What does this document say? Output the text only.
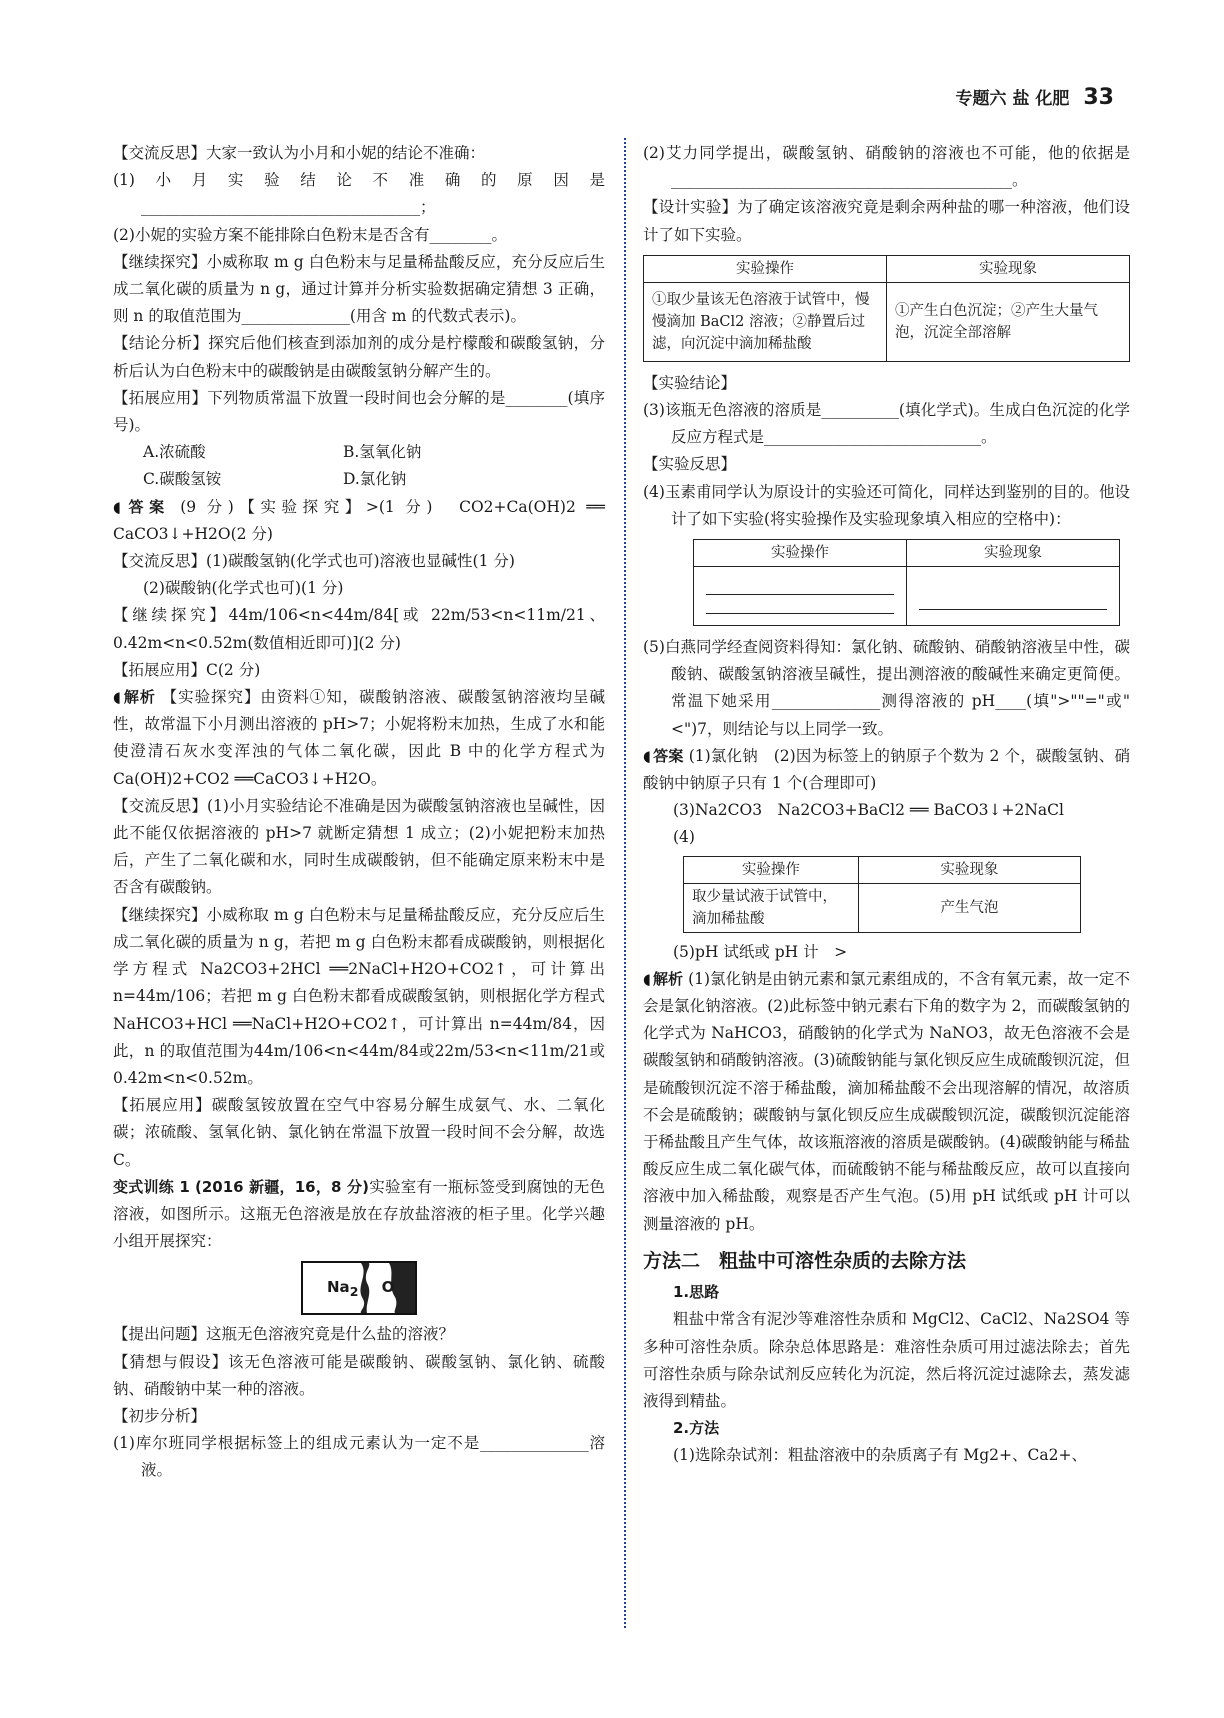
专题六 盐 化肥 33

【交流反思】大家一致认为小月和小妮的结论不准确：

(1)小月实验结论不准确的原因是____________________________________；

(2)小妮的实验方案不能排除白色粉末是否含有________。

【继续探究】小威称取 m g 白色粉末与足量稀盐酸反应，充分反应后生成二氧化碳的质量为 n g，通过计算并分析实验数据确定猜想 3 正确，则 n 的取值范围为______________(用含 m 的代数式表示)。

【结论分析】探究后他们核查到添加剂的成分是柠檬酸和碳酸氢钠，分析后认为白色粉末中的碳酸钠是由碳酸氢钠分解产生的。

【拓展应用】下列物质常温下放置一段时间也会分解的是________(填序号)。

A.浓硫酸	B.氢氧化钠
C.碳酸氢铵	D.氯化钠

◖ 答案 (9 分)【实验探究】>(1 分)　CO2+Ca(OH)2 ══ CaCO3↓+H2O(2 分)

【交流反思】(1)碳酸氢钠(化学式也可)溶液也显碱性(1 分)

(2)碳酸钠(化学式也可)(1 分)

【继续探究】44m/106<n<44m/84[或 22m/53<n<11m/21、0.42m<n<0.52m(数值相近即可)](2 分)

【拓展应用】C(2 分)

◖ 解析 【实验探究】由资料①知，碳酸钠溶液、碳酸氢钠溶液均呈碱性，故常温下小月测出溶液的 pH>7；小妮将粉末加热，生成了水和能使澄清石灰水变浑浊的气体二氧化碳，因此 B 中的化学方程式为 Ca(OH)2+CO2 ══CaCO3↓+H2O。

【交流反思】(1)小月实验结论不准确是因为碳酸氢钠溶液也呈碱性，因此不能仅依据溶液的 pH>7 就断定猜想 1 成立；(2)小妮把粉末加热后，产生了二氧化碳和水，同时生成碳酸钠，但不能确定原来粉末中是否含有碳酸钠。

【继续探究】小威称取 m g 白色粉末与足量稀盐酸反应，充分反应后生成二氧化碳的质量为 n g，若把 m g 白色粉末都看成碳酸钠，则根据化学方程式 Na2CO3+2HCl ══2NaCl+H2O+CO2↑，可计算出 n=44m/106；若把 m g 白色粉末都看成碳酸氢钠，则根据化学方程式 NaHCO3+HCl ══NaCl+H2O+CO2↑，可计算出 n=44m/84，因此，n 的取值范围为44m/106<n<44m/84或22m/53<n<11m/21或0.42m<n<0.52m。

【拓展应用】碳酸氢铵放置在空气中容易分解生成氨气、水、二氧化碳；浓硫酸、氢氧化钠、氯化钠在常温下放置一段时间不会分解，故选 C。

变式训练 1 (2016 新疆，16，8 分)实验室有一瓶标签受到腐蚀的无色溶液，如图所示。这瓶无色溶液是放在存放盐溶液的柜子里。化学兴趣小组开展探究：

$Na_2$ O

【提出问题】这瓶无色溶液究竟是什么盐的溶液？

【猜想与假设】该无色溶液可能是碳酸钠、碳酸氢钠、氯化钠、硫酸钠、硝酸钠中某一种的溶液。

【初步分析】

(1)库尔班同学根据标签上的组成元素认为一定不是______________溶液。

(2)艾力同学提出，碳酸氢钠、硝酸钠的溶液也不可能，他的依据是____________________________________________。

【设计实验】为了确定该溶液究竟是剩余两种盐的哪一种溶液，他们设计了如下实验。

实验操作	实验现象
①取少量该无色溶液于试管中，慢慢滴加 BaCl2 溶液；②静置后过滤，向沉淀中滴加稀盐酸	①产生白色沉淀；②产生大量气泡，沉淀全部溶解

【实验结论】

(3)该瓶无色溶液的溶质是__________(填化学式)。生成白色沉淀的化学反应方程式是____________________________。

【实验反思】

(4)玉素甫同学认为原设计的实验还可简化，同样达到鉴别的目的。他设计了如下实验(将实验操作及实验现象填入相应的空格中)：

实验操作	实验现象

(5)白燕同学经查阅资料得知：氯化钠、硫酸钠、硝酸钠溶液呈中性，碳酸钠、碳酸氢钠溶液呈碱性，提出测溶液的酸碱性来确定更简便。常温下她采用______________测得溶液的 pH____(填">""="或"<")7，则结论与以上同学一致。

◖ 答案 (1)氯化钠　(2)因为标签上的钠原子个数为 2 个，碳酸氢钠、硝酸钠中钠原子只有 1 个(合理即可)

(3)Na2CO3　Na2CO3+BaCl2 ══ BaCO3↓+2NaCl

(4)

实验操作	实验现象
取少量试液于试管中，滴加稀盐酸	产生气泡

(5)pH 试纸或 pH 计　>

◖ 解析 (1)氯化钠是由钠元素和氯元素组成的，不含有氧元素，故一定不会是氯化钠溶液。(2)此标签中钠元素右下角的数字为 2，而碳酸氢钠的化学式为 NaHCO3，硝酸钠的化学式为 NaNO3，故无色溶液不会是碳酸氢钠和硝酸钠溶液。(3)硫酸钠能与氯化钡反应生成硫酸钡沉淀，但是硫酸钡沉淀不溶于稀盐酸，滴加稀盐酸不会出现溶解的情况，故溶质不会是硫酸钠；碳酸钠与氯化钡反应生成碳酸钡沉淀，碳酸钡沉淀能溶于稀盐酸且产生气体，故该瓶溶液的溶质是碳酸钠。(4)碳酸钠能与稀盐酸反应生成二氧化碳气体，而硫酸钠不能与稀盐酸反应，故可以直接向溶液中加入稀盐酸，观察是否产生气泡。(5)用 pH 试纸或 pH 计可以测量溶液的 pH。

方法二　粗盐中可溶性杂质的去除方法

1.思路

粗盐中常含有泥沙等难溶性杂质和 MgCl2、CaCl2、Na2SO4 等多种可溶性杂质。除杂总体思路是：难溶性杂质可用过滤法除去；首先可溶性杂质与除杂试剂反应转化为沉淀，然后将沉淀过滤除去，蒸发滤液得到精盐。

2.方法

(1)选除杂试剂：粗盐溶液中的杂质离子有 Mg2+、Ca2+、
